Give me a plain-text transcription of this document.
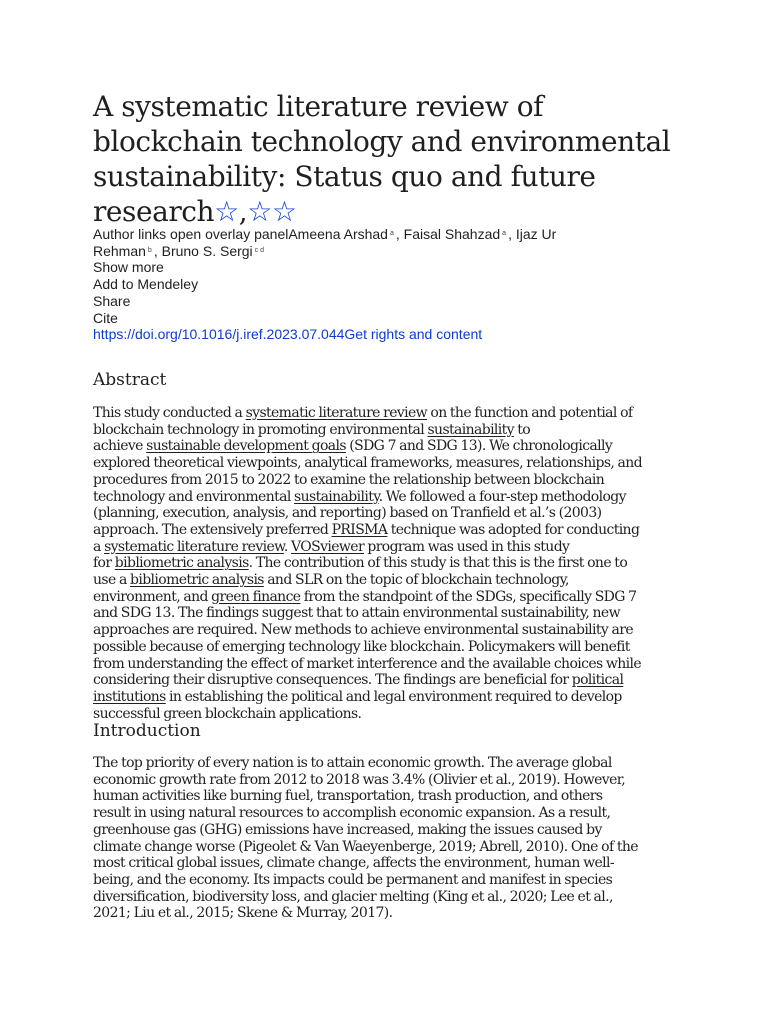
A systematic literature review of
blockchain technology and environmental
sustainability: Status quo and future
research☆,☆☆
Author links open overlay panelAmeena Arshad $^a$ , Faisal Shahzad $^a$ , Ijaz Ur
Rehman $^b$ , Bruno S. Sergi $^{c d}$
Show more
Add to Mendeley
Share
Cite
https://doi.org/10.1016/j.iref.2023.07.044Get rights and content
Abstract
This study conducted a systematic literature review on the function and potential of
blockchain technology in promoting environmental sustainability to
achieve sustainable development goals (SDG 7 and SDG 13). We chronologically
explored theoretical viewpoints, analytical frameworks, measures, relationships, and
procedures from 2015 to 2022 to examine the relationship between blockchain
technology and environmental sustainability. We followed a four-step methodology
(planning, execution, analysis, and reporting) based on Tranfield et al.’s (2003)
approach. The extensively preferred PRISMA technique was adopted for conducting
a systematic literature review. VOSviewer program was used in this study
for bibliometric analysis. The contribution of this study is that this is the first one to
use a bibliometric analysis and SLR on the topic of blockchain technology,
environment, and green finance from the standpoint of the SDGs, specifically SDG 7
and SDG 13. The findings suggest that to attain environmental sustainability, new
approaches are required. New methods to achieve environmental sustainability are
possible because of emerging technology like blockchain. Policymakers will benefit
from understanding the effect of market interference and the available choices while
considering their disruptive consequences. The findings are beneficial for political
institutions in establishing the political and legal environment required to develop
successful green blockchain applications.
Introduction
The top priority of every nation is to attain economic growth. The average global
economic growth rate from 2012 to 2018 was 3.4% (Olivier et al., 2019). However,
human activities like burning fuel, transportation, trash production, and others
result in using natural resources to accomplish economic expansion. As a result,
greenhouse gas (GHG) emissions have increased, making the issues caused by
climate change worse (Pigeolet & Van Waeyenberge, 2019; Abrell, 2010). One of the
most critical global issues, climate change, affects the environment, human well-
being, and the economy. Its impacts could be permanent and manifest in species
diversification, biodiversity loss, and glacier melting (King et al., 2020; Lee et al.,
2021; Liu et al., 2015; Skene & Murray, 2017).
